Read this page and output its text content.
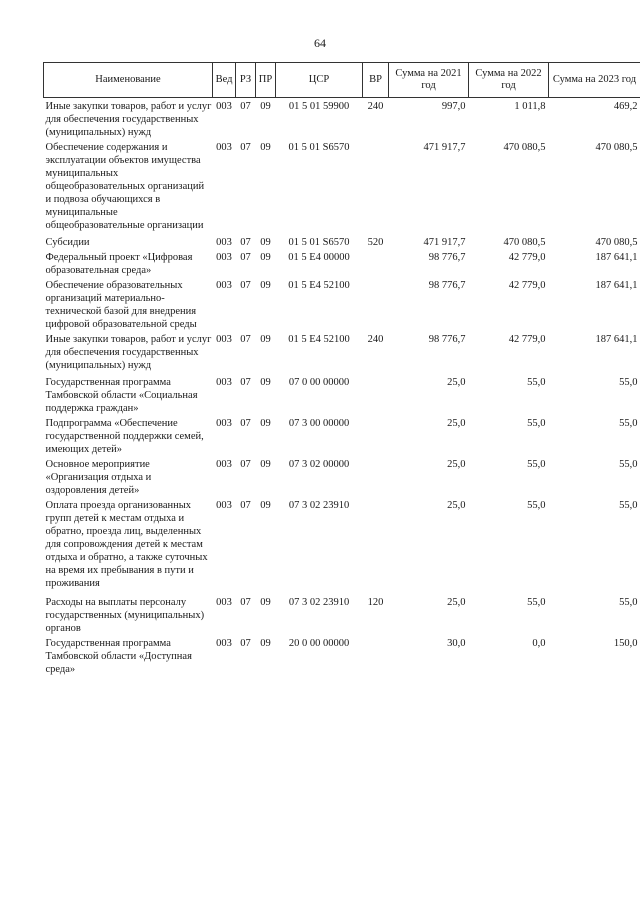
64
Наименование	Вед	РЗ	ПР	ЦСР	ВР	Сумма на 2021 год	Сумма на 2022 год	Сумма на 2023 год
Иные закупки товаров, работ и услуг для обеспечения государственных (муниципальных) нужд	003	07	09	01 5 01 59900	240	997,0	1 011,8	469,2
Обеспечение содержания и эксплуатации объектов имущества муниципальных общеобразовательных организаций и подвоза обучающихся в муниципальные общеобразовательные организации	003	07	09	01 5 01 S6570		471 917,7	470 080,5	470 080,5
Субсидии	003	07	09	01 5 01 S6570	520	471 917,7	470 080,5	470 080,5
Федеральный проект «Цифровая образовательная среда»	003	07	09	01 5 E4 00000		98 776,7	42 779,0	187 641,1
Обеспечение образовательных организаций материально-технической базой для внедрения цифровой образовательной среды	003	07	09	01 5 E4 52100		98 776,7	42 779,0	187 641,1
Иные закупки товаров, работ и услуг для обеспечения государственных (муниципальных) нужд	003	07	09	01 5 E4 52100	240	98 776,7	42 779,0	187 641,1
Государственная программа Тамбовской области «Социальная поддержка граждан»	003	07	09	07 0 00 00000		25,0	55,0	55,0
Подпрограмма «Обеспечение государственной поддержки семей, имеющих детей»	003	07	09	07 3 00 00000		25,0	55,0	55,0
Основное мероприятие «Организация отдыха и оздоровления детей»	003	07	09	07 3 02 00000		25,0	55,0	55,0
Оплата проезда организованных групп детей к местам отдыха и обратно, проезда лиц, выделенных для сопровождения детей к местам отдыха и обратно, а также суточных на время их пребывания в пути и проживания	003	07	09	07 3 02 23910		25,0	55,0	55,0
Расходы на выплаты персоналу государственных (муниципальных) органов	003	07	09	07 3 02 23910	120	25,0	55,0	55,0
Государственная программа Тамбовской области «Доступная среда»	003	07	09	20 0 00 00000		30,0	0,0	150,0
